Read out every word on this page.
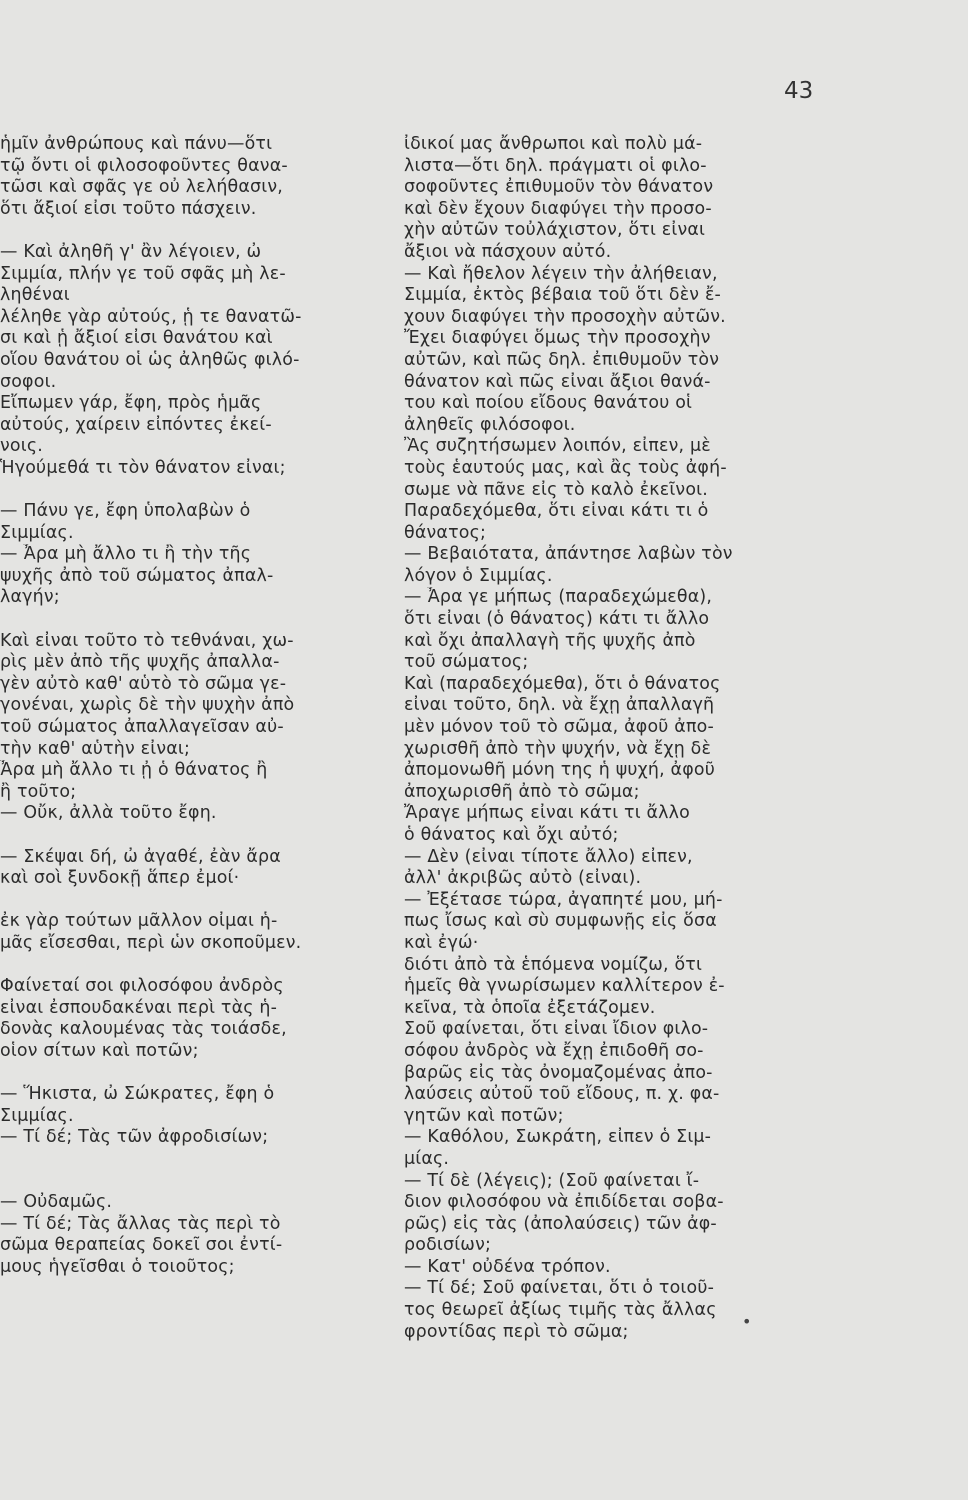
43
ἡμῖν ἀνθρώπους καὶ πάνυ—ὅτι
τῷ ὄντι οἱ φιλοσοφοῦντες θανα-
τῶσι καὶ σφᾶς γε οὐ λελήθασιν,
ὅτι ἄξιοί εἰσι τοῦτο πάσχειν.
— Καὶ ἀληθῆ γ' ἂν λέγοιεν, ὦ
Σιμμία, πλήν γε τοῦ σφᾶς μὴ λε-
ληθέναι
λέληθε γὰρ αὐτούς, ᾗ τε θανατῶ-
σι καὶ ᾗ ἄξιοί εἰσι θανάτου καὶ
οἵου θανάτου οἱ ὡς ἀληθῶς φιλό-
σοφοι.
Εἴπωμεν γάρ, ἔφη, πρὸς ἡμᾶς
αὐτούς, χαίρειν εἰπόντες ἐκεί-
νοις.
Ἡγούμεθά τι τὸν θάνατον εἶναι;
— Πάνυ γε, ἔφη ὑπολαβὼν ὁ
Σιμμίας.
— Ἆρα μὴ ἄλλο τι ἢ τὴν τῆς
ψυχῆς ἀπὸ τοῦ σώματος ἀπαλ-
λαγήν;
Καὶ εἶναι τοῦτο τὸ τεθνάναι, χω-
ρὶς μὲν ἀπὸ τῆς ψυχῆς ἀπαλλα-
γὲν αὐτὸ καθ' αὑτὸ τὸ σῶμα γε-
γονέναι, χωρὶς δὲ τὴν ψυχὴν ἀπὸ
τοῦ σώματος ἀπαλλαγεῖσαν αὐ-
τὴν καθ' αὑτὴν εἶναι;
Ἆρα μὴ ἄλλο τι ᾖ ὁ θάνατος ἢ
ἢ τοῦτο;
— Οὔκ, ἀλλὰ τοῦτο ἔφη.
— Σκέψαι δή, ὦ ἀγαθέ, ἐὰν ἄρα
καὶ σοὶ ξυνδοκῇ ἅπερ ἐμοί·
ἐκ γὰρ τούτων μᾶλλον οἶμαι ἡ-
μᾶς εἴσεσθαι, περὶ ὧν σκοποῦμεν.
Φαίνεταί σοι φιλοσόφου ἀνδρὸς
εἶναι ἐσπουδακέναι περὶ τὰς ἡ-
δονὰς καλουμένας τὰς τοιάσδε,
οἷον σίτων καὶ ποτῶν;
— Ἥκιστα, ὦ Σώκρατες, ἔφη ὁ
Σιμμίας.
— Τί δέ; Τὰς τῶν ἀφροδισίων;
— Οὐδαμῶς.
— Τί δέ; Τὰς ἄλλας τὰς περὶ τὸ
σῶμα θεραπείας δοκεῖ σοι ἐντί-
μους ἡγεῖσθαι ὁ τοιοῦτος;
ἰδικοί μας ἄνθρωποι καὶ πολὺ μά-
λιστα—ὅτι δηλ. πράγματι οἱ φιλο-
σοφοῦντες ἐπιθυμοῦν τὸν θάνατον
καὶ δὲν ἔχουν διαφύγει τὴν προσο-
χὴν αὐτῶν τοὐλάχιστον, ὅτι εἶναι
ἄξιοι νὰ πάσχουν αὐτό.
— Καὶ ἤθελον λέγειν τὴν ἀλήθειαν,
Σιμμία, ἐκτὸς βέβαια τοῦ ὅτι δὲν ἔ-
χουν διαφύγει τὴν προσοχὴν αὐτῶν.
Ἔχει διαφύγει ὅμως τὴν προσοχὴν
αὐτῶν, καὶ πῶς δηλ. ἐπιθυμοῦν τὸν
θάνατον καὶ πῶς εἶναι ἄξιοι θανά-
του καὶ ποίου εἴδους θανάτου οἱ
ἀληθεῖς φιλόσοφοι.
Ἂς συζητήσωμεν λοιπόν, εἶπεν, μὲ
τοὺς ἑαυτούς μας, καὶ ἂς τοὺς ἀφή-
σωμε νὰ πᾶνε εἰς τὸ καλὸ ἐκεῖνοι.
Παραδεχόμεθα, ὅτι εἶναι κάτι τι ὁ
θάνατος;
— Βεβαιότατα, ἀπάντησε λαβὼν τὸν
λόγον ὁ Σιμμίας.
— Ἆρα γε μήπως (παραδεχώμεθα),
ὅτι εἶναι (ὁ θάνατος) κάτι τι ἄλλο
καὶ ὄχι ἀπαλλαγὴ τῆς ψυχῆς ἀπὸ
τοῦ σώματος;
Καὶ (παραδεχόμεθα), ὅτι ὁ θάνατος
εἶναι τοῦτο, δηλ. νὰ ἔχῃ ἀπαλλαγῆ
μὲν μόνον τοῦ τὸ σῶμα, ἀφοῦ ἀπο-
χωρισθῆ ἀπὸ τὴν ψυχήν, νὰ ἔχῃ δὲ
ἀπομονωθῆ μόνη της ἡ ψυχή, ἀφοῦ
ἀποχωρισθῆ ἀπὸ τὸ σῶμα;
Ἄραγε μήπως εἶναι κάτι τι ἄλλο
ὁ θάνατος καὶ ὄχι αὐτό;
— Δὲν (εἶναι τίποτε ἄλλο) εἶπεν,
ἀλλ' ἀκριβῶς αὐτὸ (εἶναι).
— Ἐξέτασε τώρα, ἀγαπητέ μου, μή-
πως ἴσως καὶ σὺ συμφωνῇς εἰς ὅσα
καὶ ἐγώ·
διότι ἀπὸ τὰ ἑπόμενα νομίζω, ὅτι
ἡμεῖς θὰ γνωρίσωμεν καλλίτερον ἐ-
κεῖνα, τὰ ὁποῖα ἐξετάζομεν.
Σοῦ φαίνεται, ὅτι εἶναι ἴδιον φιλο-
σόφου ἀνδρὸς νὰ ἔχῃ ἐπιδοθῆ σο-
βαρῶς εἰς τὰς ὀνομαζομένας ἀπο-
λαύσεις αὐτοῦ τοῦ εἴδους, π. χ. φα-
γητῶν καὶ ποτῶν;
— Καθόλου, Σωκράτη, εἶπεν ὁ Σιμ-
μίας.
— Τί δὲ (λέγεις); (Σοῦ φαίνεται ἴ-
διον φιλοσόφου νὰ ἐπιδίδεται σοβα-
ρῶς) εἰς τὰς (ἀπολαύσεις) τῶν ἀφ-
ροδισίων;
— Κατ' οὐδένα τρόπον.
— Τί δέ; Σοῦ φαίνεται, ὅτι ὁ τοιοῦ-
τος θεωρεῖ ἀξίως τιμῆς τὰς ἄλλας
φροντίδας περὶ τὸ σῶμα;
•
